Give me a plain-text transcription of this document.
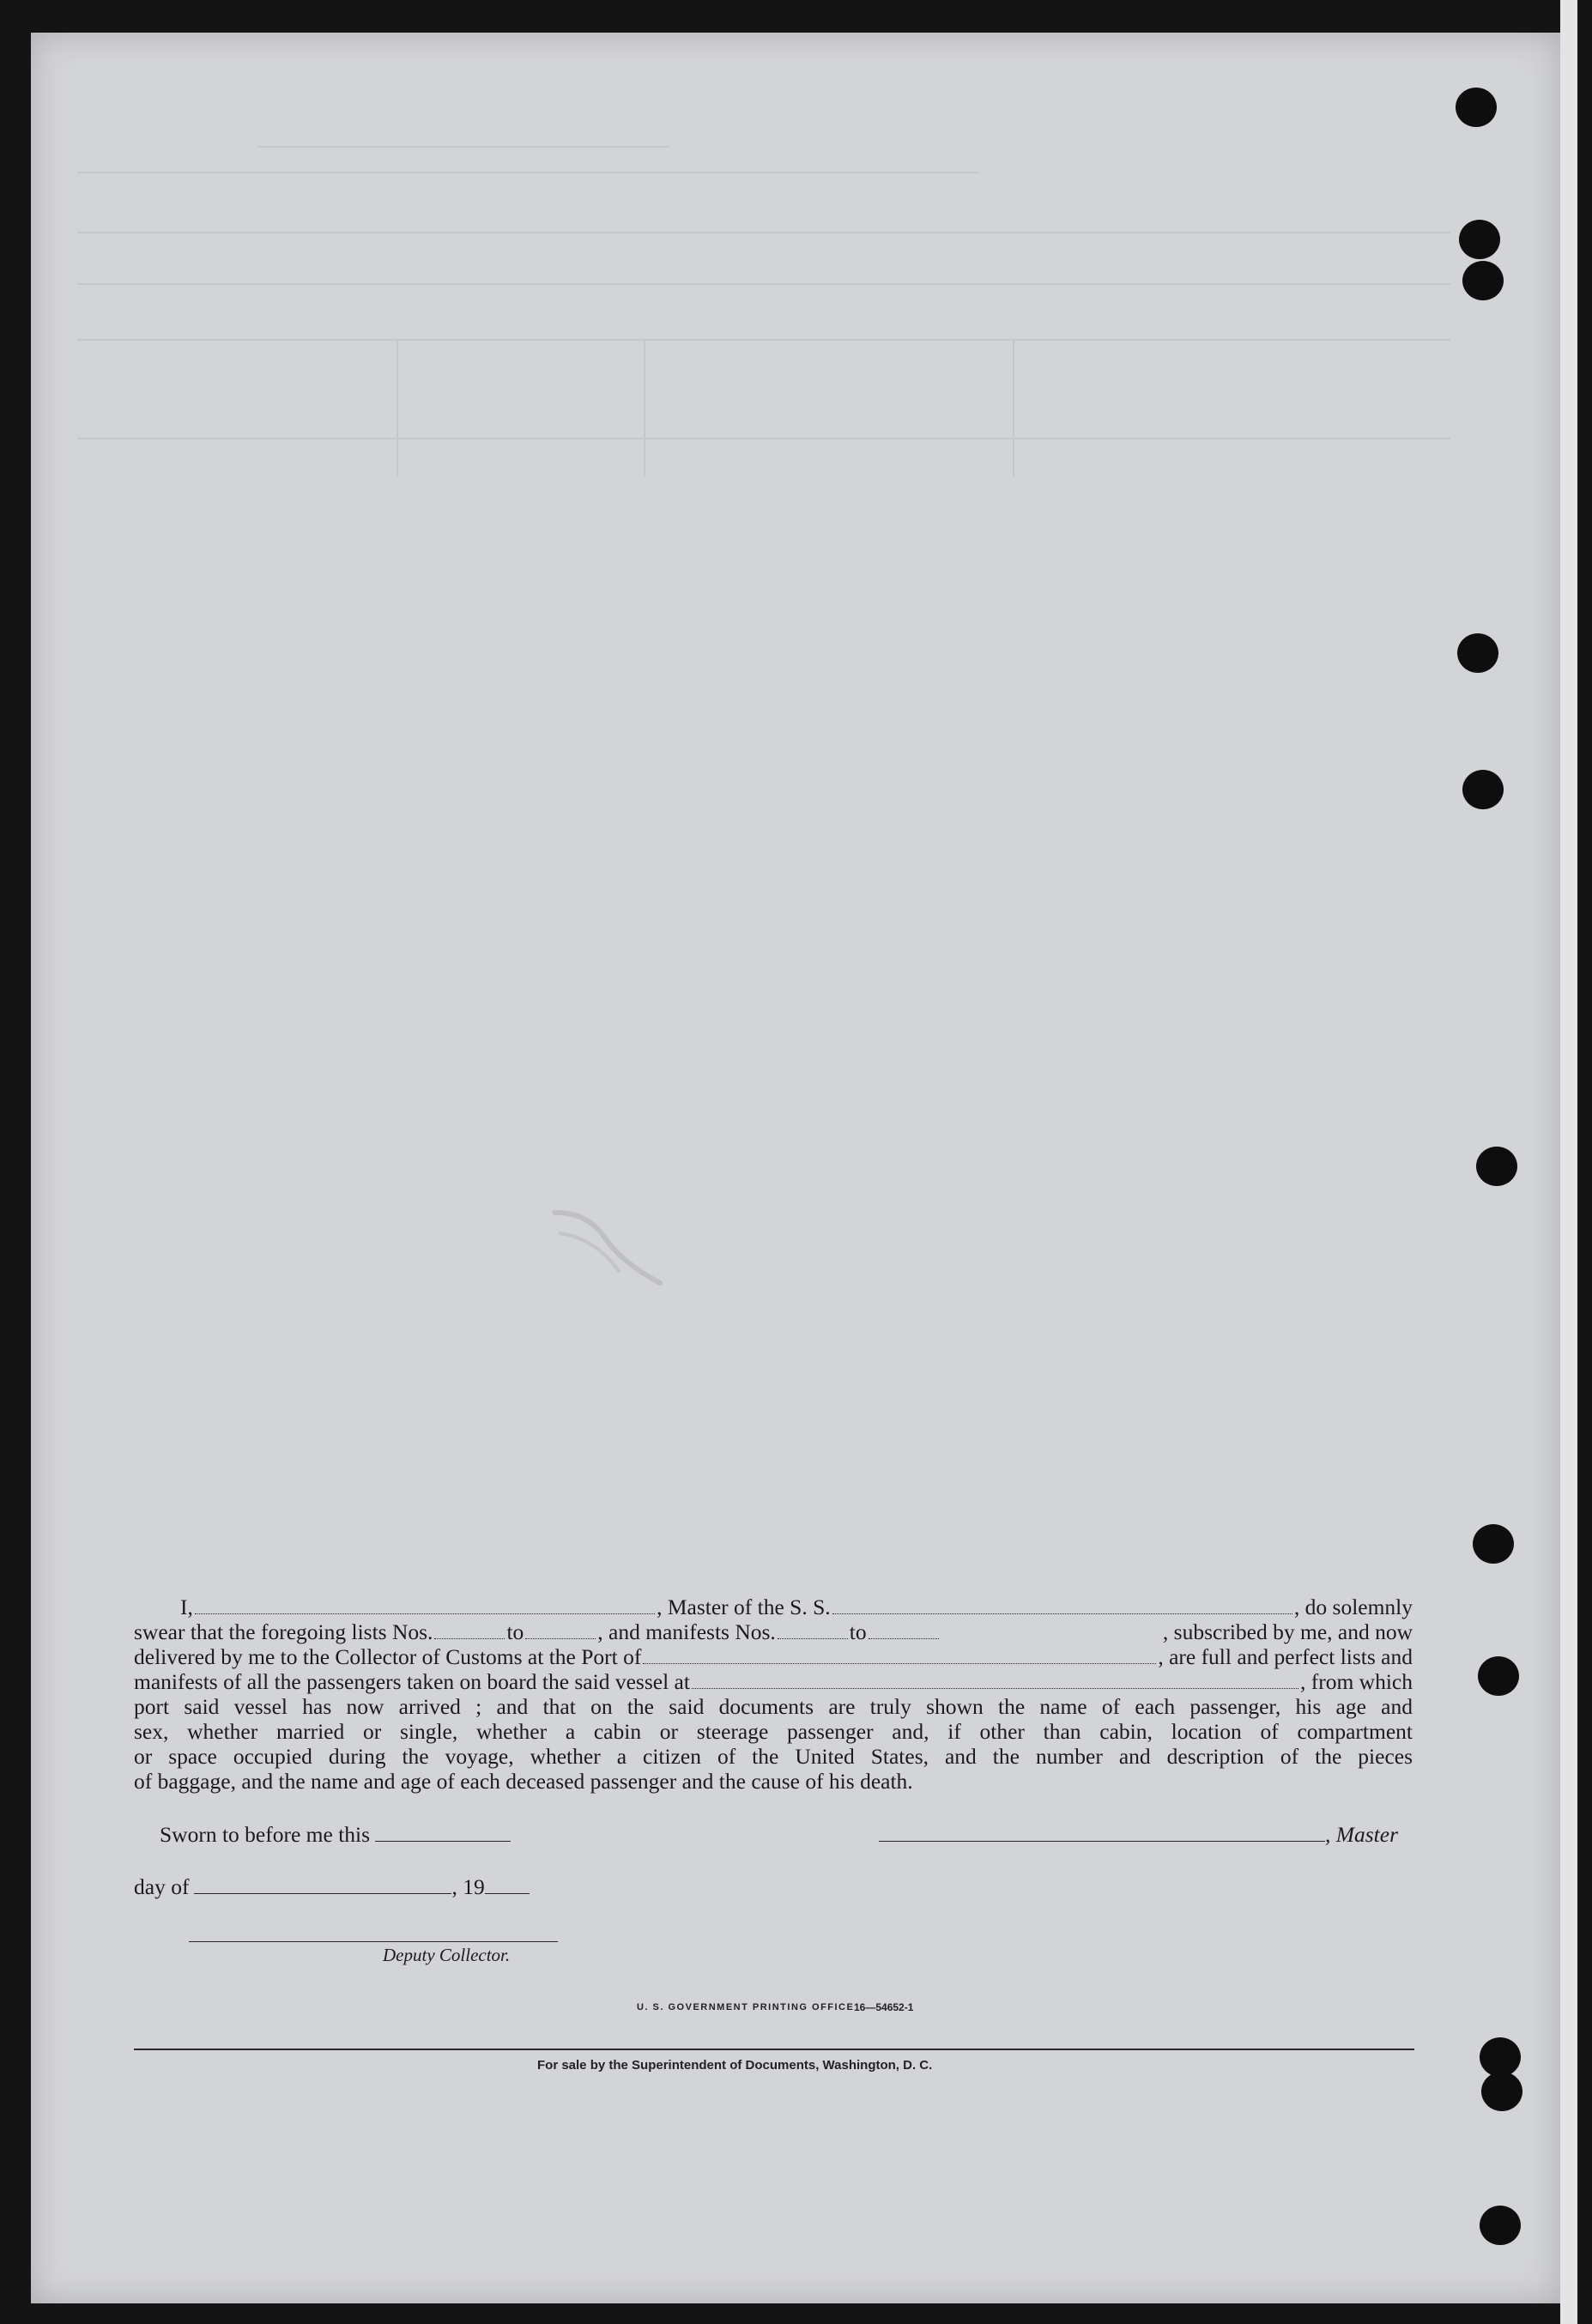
I,	, Master of the S. S.	, do solemnly
swear that the foregoing lists Nos.	to	, and manifests Nos.	to	, subscribed by me, and now
delivered by me to the Collector of Customs at the Port of	, are full and perfect lists and
manifests of all the passengers taken on board the said vessel at	, from which
port said vessel has now arrived ; and that on the said documents are truly shown the name of each passenger, his age and
sex, whether married or single, whether a cabin or steerage passenger and, if other than cabin, location of compartment
or space occupied during the voyage, whether a citizen of the United States, and the number and description of the pieces
of baggage, and the name and age of each deceased passenger and the cause of his death.
Sworn to before me this	, Master
day of	, 19
Deputy Collector.
U. S. GOVERNMENT PRINTING OFFICE 16—54652-1
For sale by the Superintendent of Documents, Washington, D. C.
